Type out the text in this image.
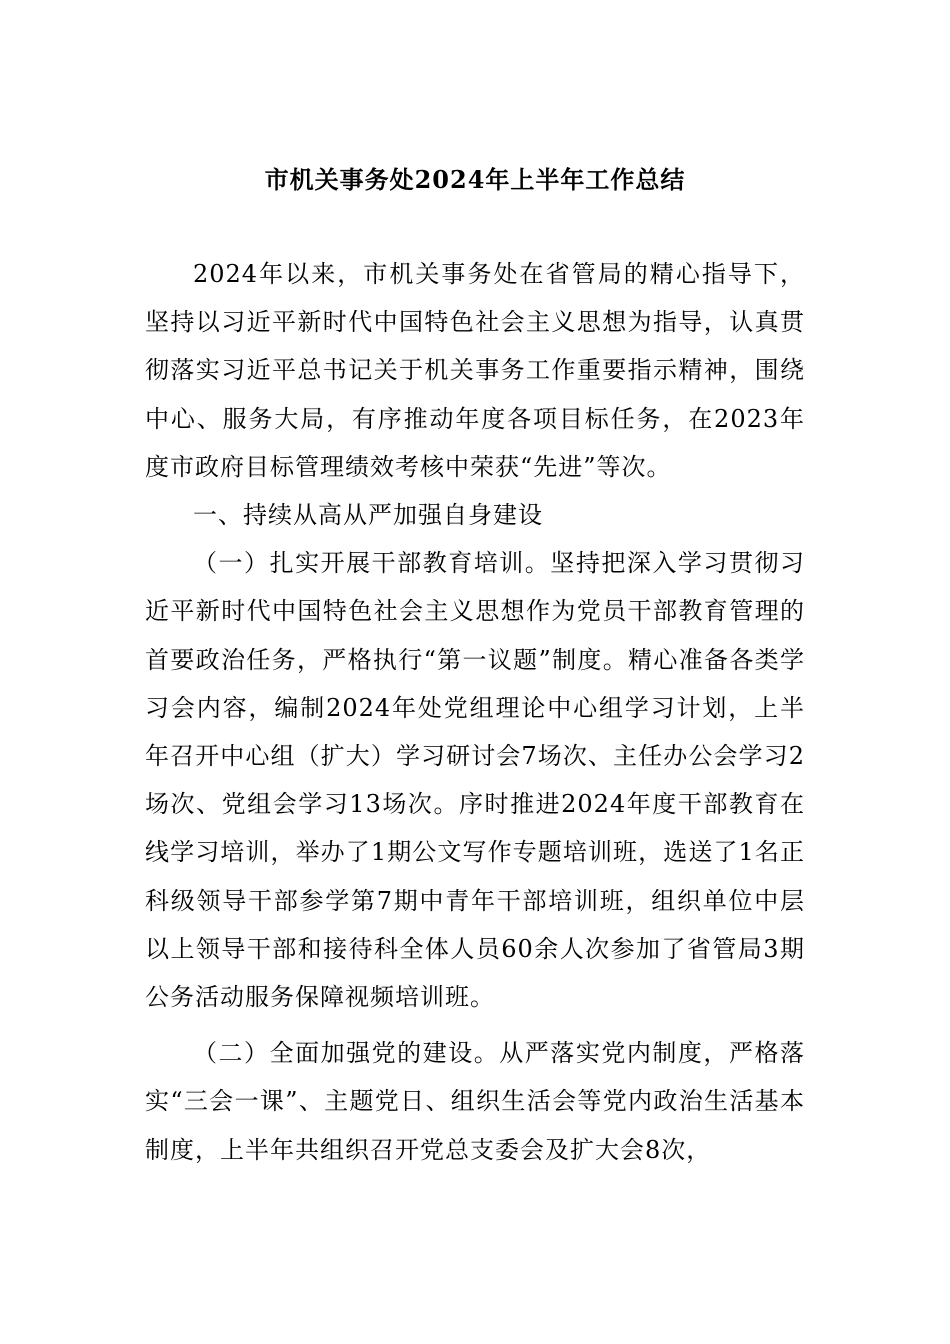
市机关事务处2024年上半年工作总结

2024年以来，市机关事务处在省管局的精心指导下，坚持以习近平新时代中国特色社会主义思想为指导，认真贯彻落实习近平总书记关于机关事务工作重要指示精神，围绕中心、服务大局，有序推动年度各项目标任务，在2023年度市政府目标管理绩效考核中荣获“先进”等次。

一、持续从高从严加强自身建设

（一）扎实开展干部教育培训。坚持把深入学习贯彻习近平新时代中国特色社会主义思想作为党员干部教育管理的首要政治任务，严格执行“第一议题”制度。精心准备各类学习会内容，编制2024年处党组理论中心组学习计划，上半年召开中心组（扩大）学习研讨会7场次、主任办公会学习2场次、党组会学习13场次。序时推进2024年度干部教育在线学习培训，举办了1期公文写作专题培训班，选送了1名正科级领导干部参学第7期中青年干部培训班，组织单位中层以上领导干部和接待科全体人员60余人次参加了省管局3期公务活动服务保障视频培训班。

（二）全面加强党的建设。从严落实党内制度，严格落实“三会一课”、主题党日、组织生活会等党内政治生活基本制度，上半年共组织召开党总支委会及扩大会8次，
